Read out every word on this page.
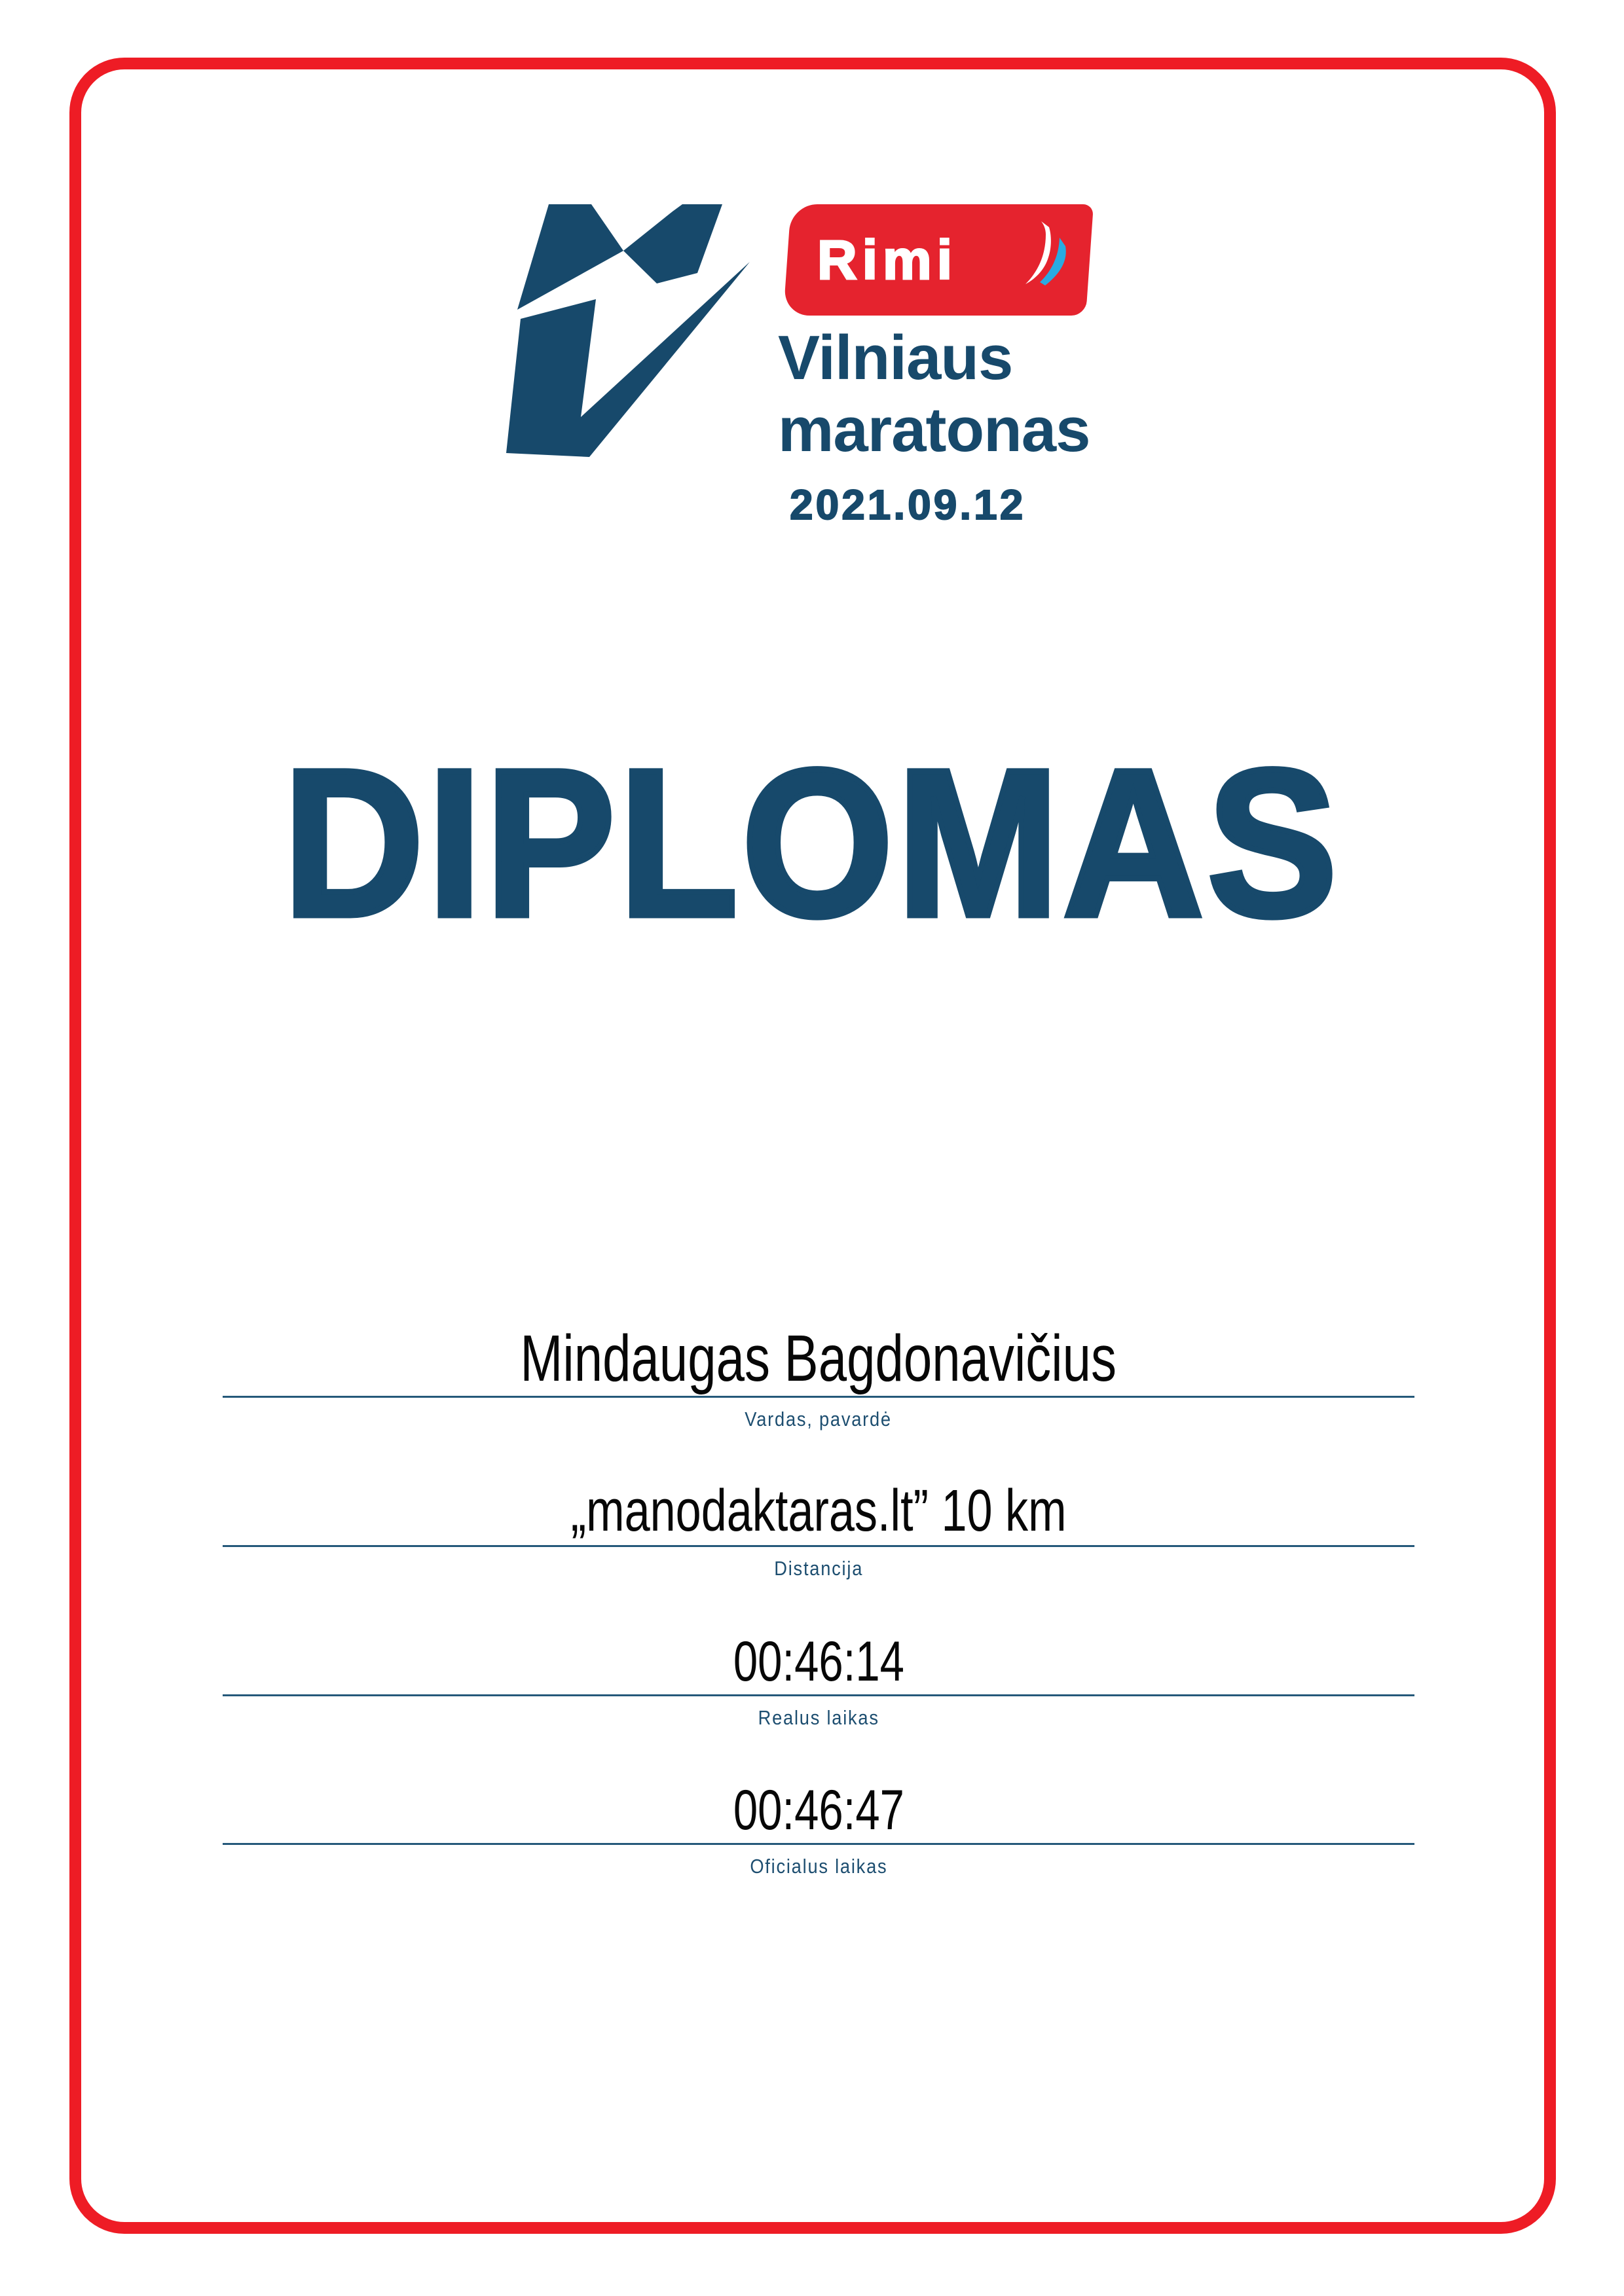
Rimi
Vilniaus
maratonas
2021.09.12
DIPLOMAS
Mindaugas Bagdonavičius
Vardas, pavardė
„manodaktaras.lt” 10 km
Distancija
00:46:14
Realus laikas
00:46:47
Oficialus laikas
